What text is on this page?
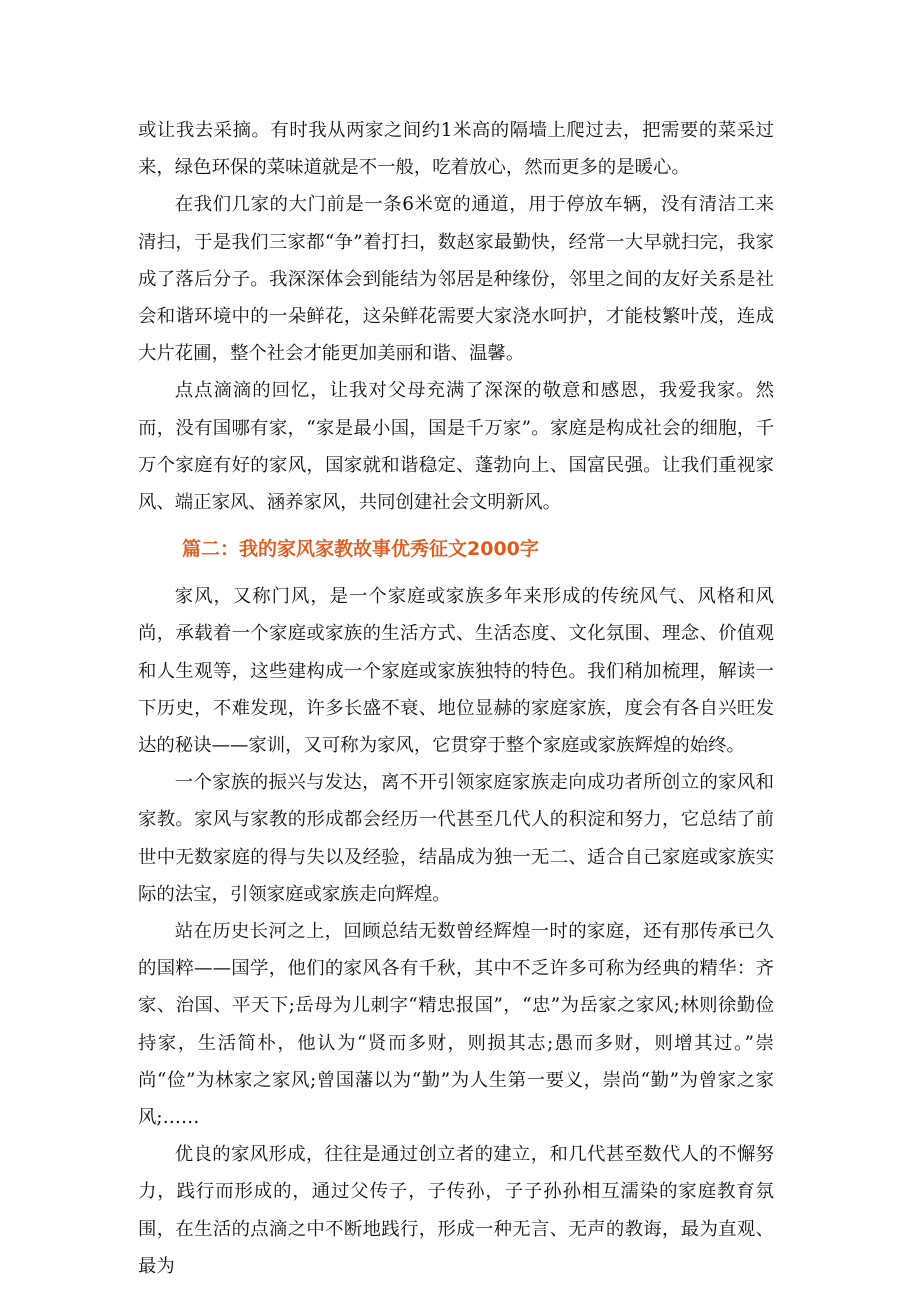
或让我去采摘。有时我从两家之间约1米高的隔墙上爬过去，把需要的菜采过来，绿色环保的菜味道就是不一般，吃着放心，然而更多的是暖心。

在我们几家的大门前是一条6米宽的通道，用于停放车辆，没有清洁工来清扫，于是我们三家都“争”着打扫，数赵家最勤快，经常一大早就扫完，我家成了落后分子。我深深体会到能结为邻居是种缘份，邻里之间的友好关系是社会和谐环境中的一朵鲜花，这朵鲜花需要大家浇水呵护，才能枝繁叶茂，连成大片花圃，整个社会才能更加美丽和谐、温馨。

点点滴滴的回忆，让我对父母充满了深深的敬意和感恩，我爱我家。然而，没有国哪有家，“家是最小国，国是千万家”。家庭是构成社会的细胞，千万个家庭有好的家风，国家就和谐稳定、蓬勃向上、国富民强。让我们重视家风、端正家风、涵养家风，共同创建社会文明新风。

篇二：我的家风家教故事优秀征文2000字

家风，又称门风，是一个家庭或家族多年来形成的传统风气、风格和风尚，承载着一个家庭或家族的生活方式、生活态度、文化氛围、理念、价值观和人生观等，这些建构成一个家庭或家族独特的特色。我们稍加梳理，解读一下历史，不难发现，许多长盛不衰、地位显赫的家庭家族，度会有各自兴旺发达的秘诀——家训，又可称为家风，它贯穿于整个家庭或家族辉煌的始终。

一个家族的振兴与发达，离不开引领家庭家族走向成功者所创立的家风和家教。家风与家教的形成都会经历一代甚至几代人的积淀和努力，它总结了前世中无数家庭的得与失以及经验，结晶成为独一无二、适合自己家庭或家族实际的法宝，引领家庭或家族走向辉煌。

站在历史长河之上，回顾总结无数曾经辉煌一时的家庭，还有那传承已久的国粹——国学，他们的家风各有千秋，其中不乏许多可称为经典的精华：齐家、治国、平天下;岳母为儿刺字“精忠报国”，“忠”为岳家之家风;林则徐勤俭持家，生活简朴，他认为“贤而多财，则损其志;愚而多财，则增其过。”崇尚“俭”为林家之家风;曾国藩以为“勤”为人生第一要义，崇尚“勤”为曾家之家风;……

优良的家风形成，往往是通过创立者的建立，和几代甚至数代人的不懈努力，践行而形成的，通过父传子，子传孙，子子孙孙相互濡染的家庭教育氛围，在生活的点滴之中不断地践行，形成一种无言、无声的教诲，最为直观、最为
